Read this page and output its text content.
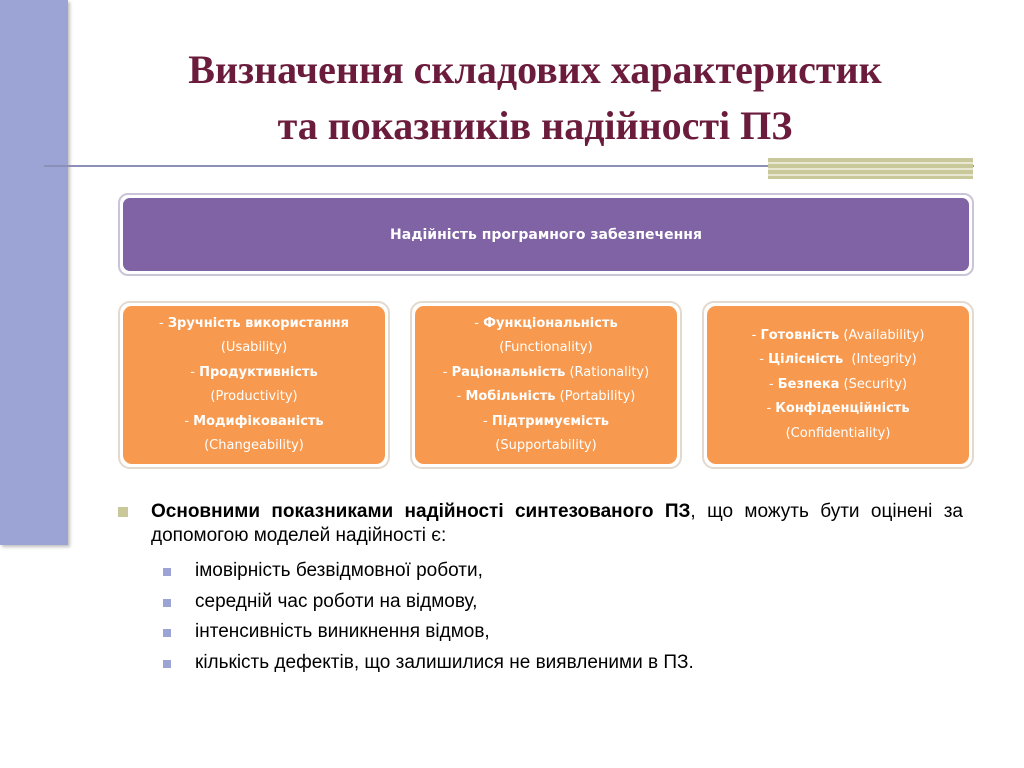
Визначення складових характеристик
та показників надійності ПЗ
Надійність програмного забезпечення
- Зручність використання
(Usability)
- Продуктивність
(Productivity)
- Модифікованість
(Changeability)
- Функціональність
(Functionality)
- Раціональність (Rationality)
- Мобільність (Portability)
- Підтримуємість
(Supportability)
- Готовність (Availability)
- Цілісність  (Integrity)
- Безпека (Security)
- Конфіденційність
(Confidentiality)
Основними показниками надійності синтезованого ПЗ, що можуть бути оцінені за допомогою моделей надійності є:
імовірність безвідмовної роботи,
середній час роботи на відмову,
інтенсивність виникнення відмов,
кількість дефектів, що залишилися не виявленими в ПЗ.
